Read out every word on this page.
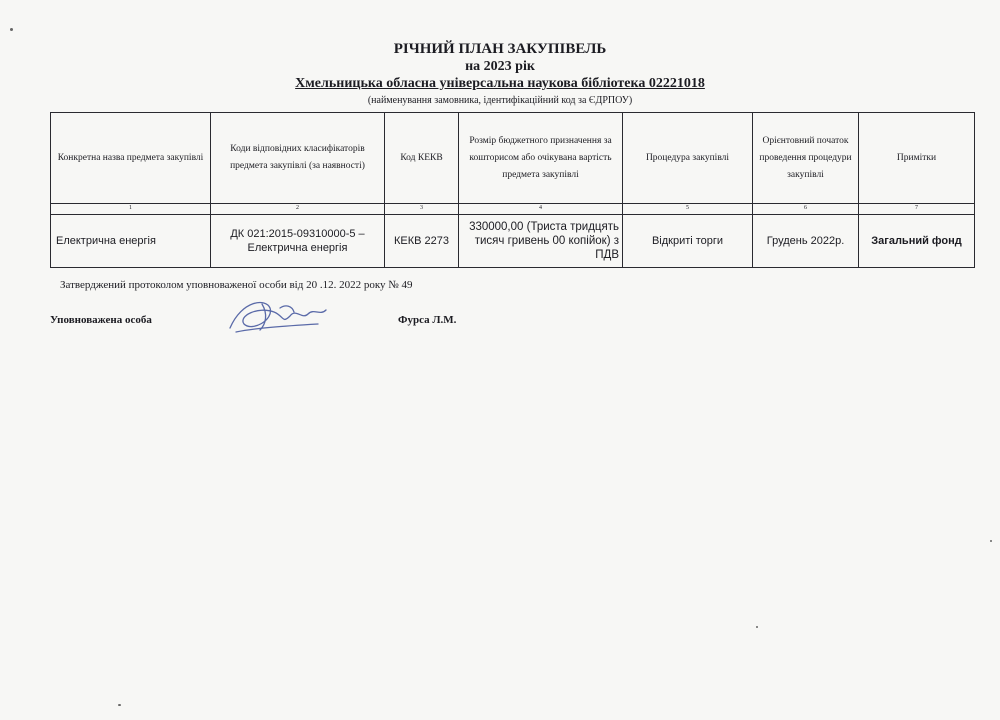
РІЧНИЙ ПЛАН ЗАКУПІВЕЛЬ
на 2023 рік
Хмельницька обласна універсальна наукова бібліотека 02221018
(найменування замовника, ідентифікаційний код за ЄДРПОУ)
Конкретна назва предмета закупівлі	Коди відповідних класифікаторів предмета закупівлі (за наявності)	Код КЕКВ	Розмір бюджетного призначення за кошторисом або очікувана вартість предмета закупівлі	Процедура закупівлі	Орієнтовний початок проведення процедури закупівлі	Примітки
1	2	3	4	5	6	7
Електрична енергія	ДК 021:2015-09310000-5 – Електрична енергія	КЕКВ 2273	330000,00 (Триста тридцять тисяч гривень 00 копійок) з ПДВ	Відкриті торги	Грудень 2022р.	Загальний фонд
Затверджений протоколом уповноваженої особи від 20 .12. 2022 року № 49
Уповноважена особа	Фурса Л.М.
